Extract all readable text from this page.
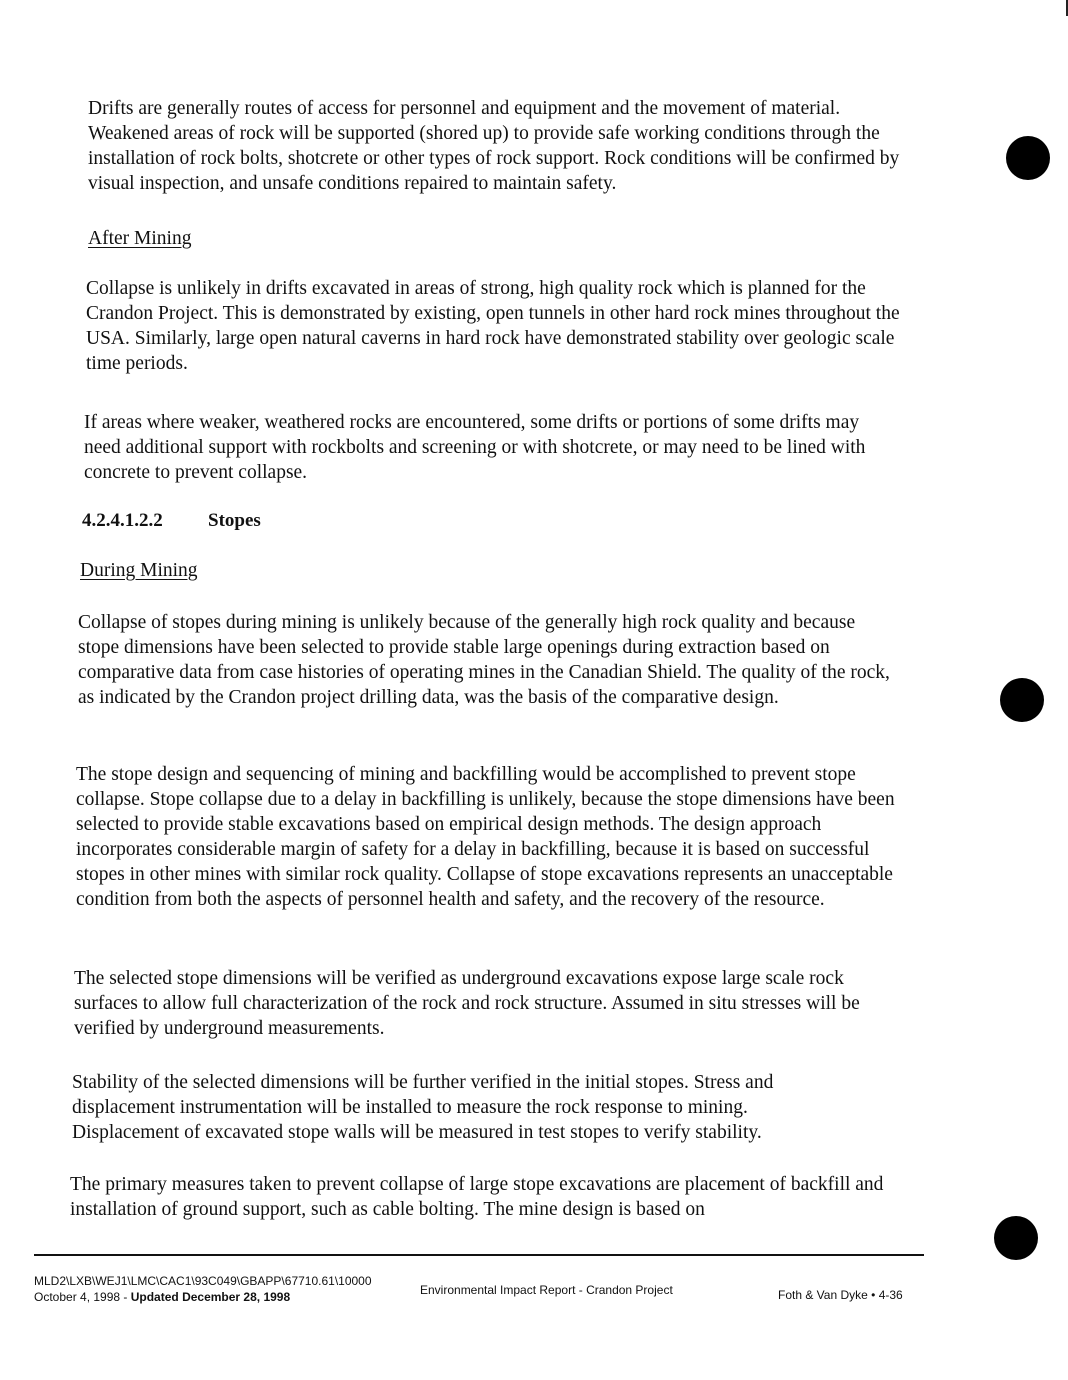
Drifts are generally routes of access for personnel and equipment and the movement of material. Weakened areas of rock will be supported (shored up) to provide safe working conditions through the installation of rock bolts, shotcrete or other types of rock support. Rock conditions will be confirmed by visual inspection, and unsafe conditions repaired to maintain safety.

After Mining

Collapse is unlikely in drifts excavated in areas of strong, high quality rock which is planned for the Crandon Project. This is demonstrated by existing, open tunnels in other hard rock mines throughout the USA. Similarly, large open natural caverns in hard rock have demonstrated stability over geologic scale time periods.

If areas where weaker, weathered rocks are encountered, some drifts or portions of some drifts may need additional support with rockbolts and screening or with shotcrete, or may need to be lined with concrete to prevent collapse.

4.2.4.1.2.2 Stopes

During Mining

Collapse of stopes during mining is unlikely because of the generally high rock quality and because stope dimensions have been selected to provide stable large openings during extraction based on comparative data from case histories of operating mines in the Canadian Shield. The quality of the rock, as indicated by the Crandon project drilling data, was the basis of the comparative design.

The stope design and sequencing of mining and backfilling would be accomplished to prevent stope collapse. Stope collapse due to a delay in backfilling is unlikely, because the stope dimensions have been selected to provide stable excavations based on empirical design methods. The design approach incorporates considerable margin of safety for a delay in backfilling, because it is based on successful stopes in other mines with similar rock quality. Collapse of stope excavations represents an unacceptable condition from both the aspects of personnel health and safety, and the recovery of the resource.

The selected stope dimensions will be verified as underground excavations expose large scale rock surfaces to allow full characterization of the rock and rock structure. Assumed in situ stresses will be verified by underground measurements.

Stability of the selected dimensions will be further verified in the initial stopes. Stress and displacement instrumentation will be installed to measure the rock response to mining. Displacement of excavated stope walls will be measured in test stopes to verify stability.

The primary measures taken to prevent collapse of large stope excavations are placement of backfill and installation of ground support, such as cable bolting. The mine design is based on

MLD2\LXB\WEJ1\LMC\CAC1\93C049\GBAPP\67710.61\10000

Environmental Impact Report - Crandon Project

October 4, 1998 - Updated December 28, 1998	Foth & Van Dyke • 4-36
